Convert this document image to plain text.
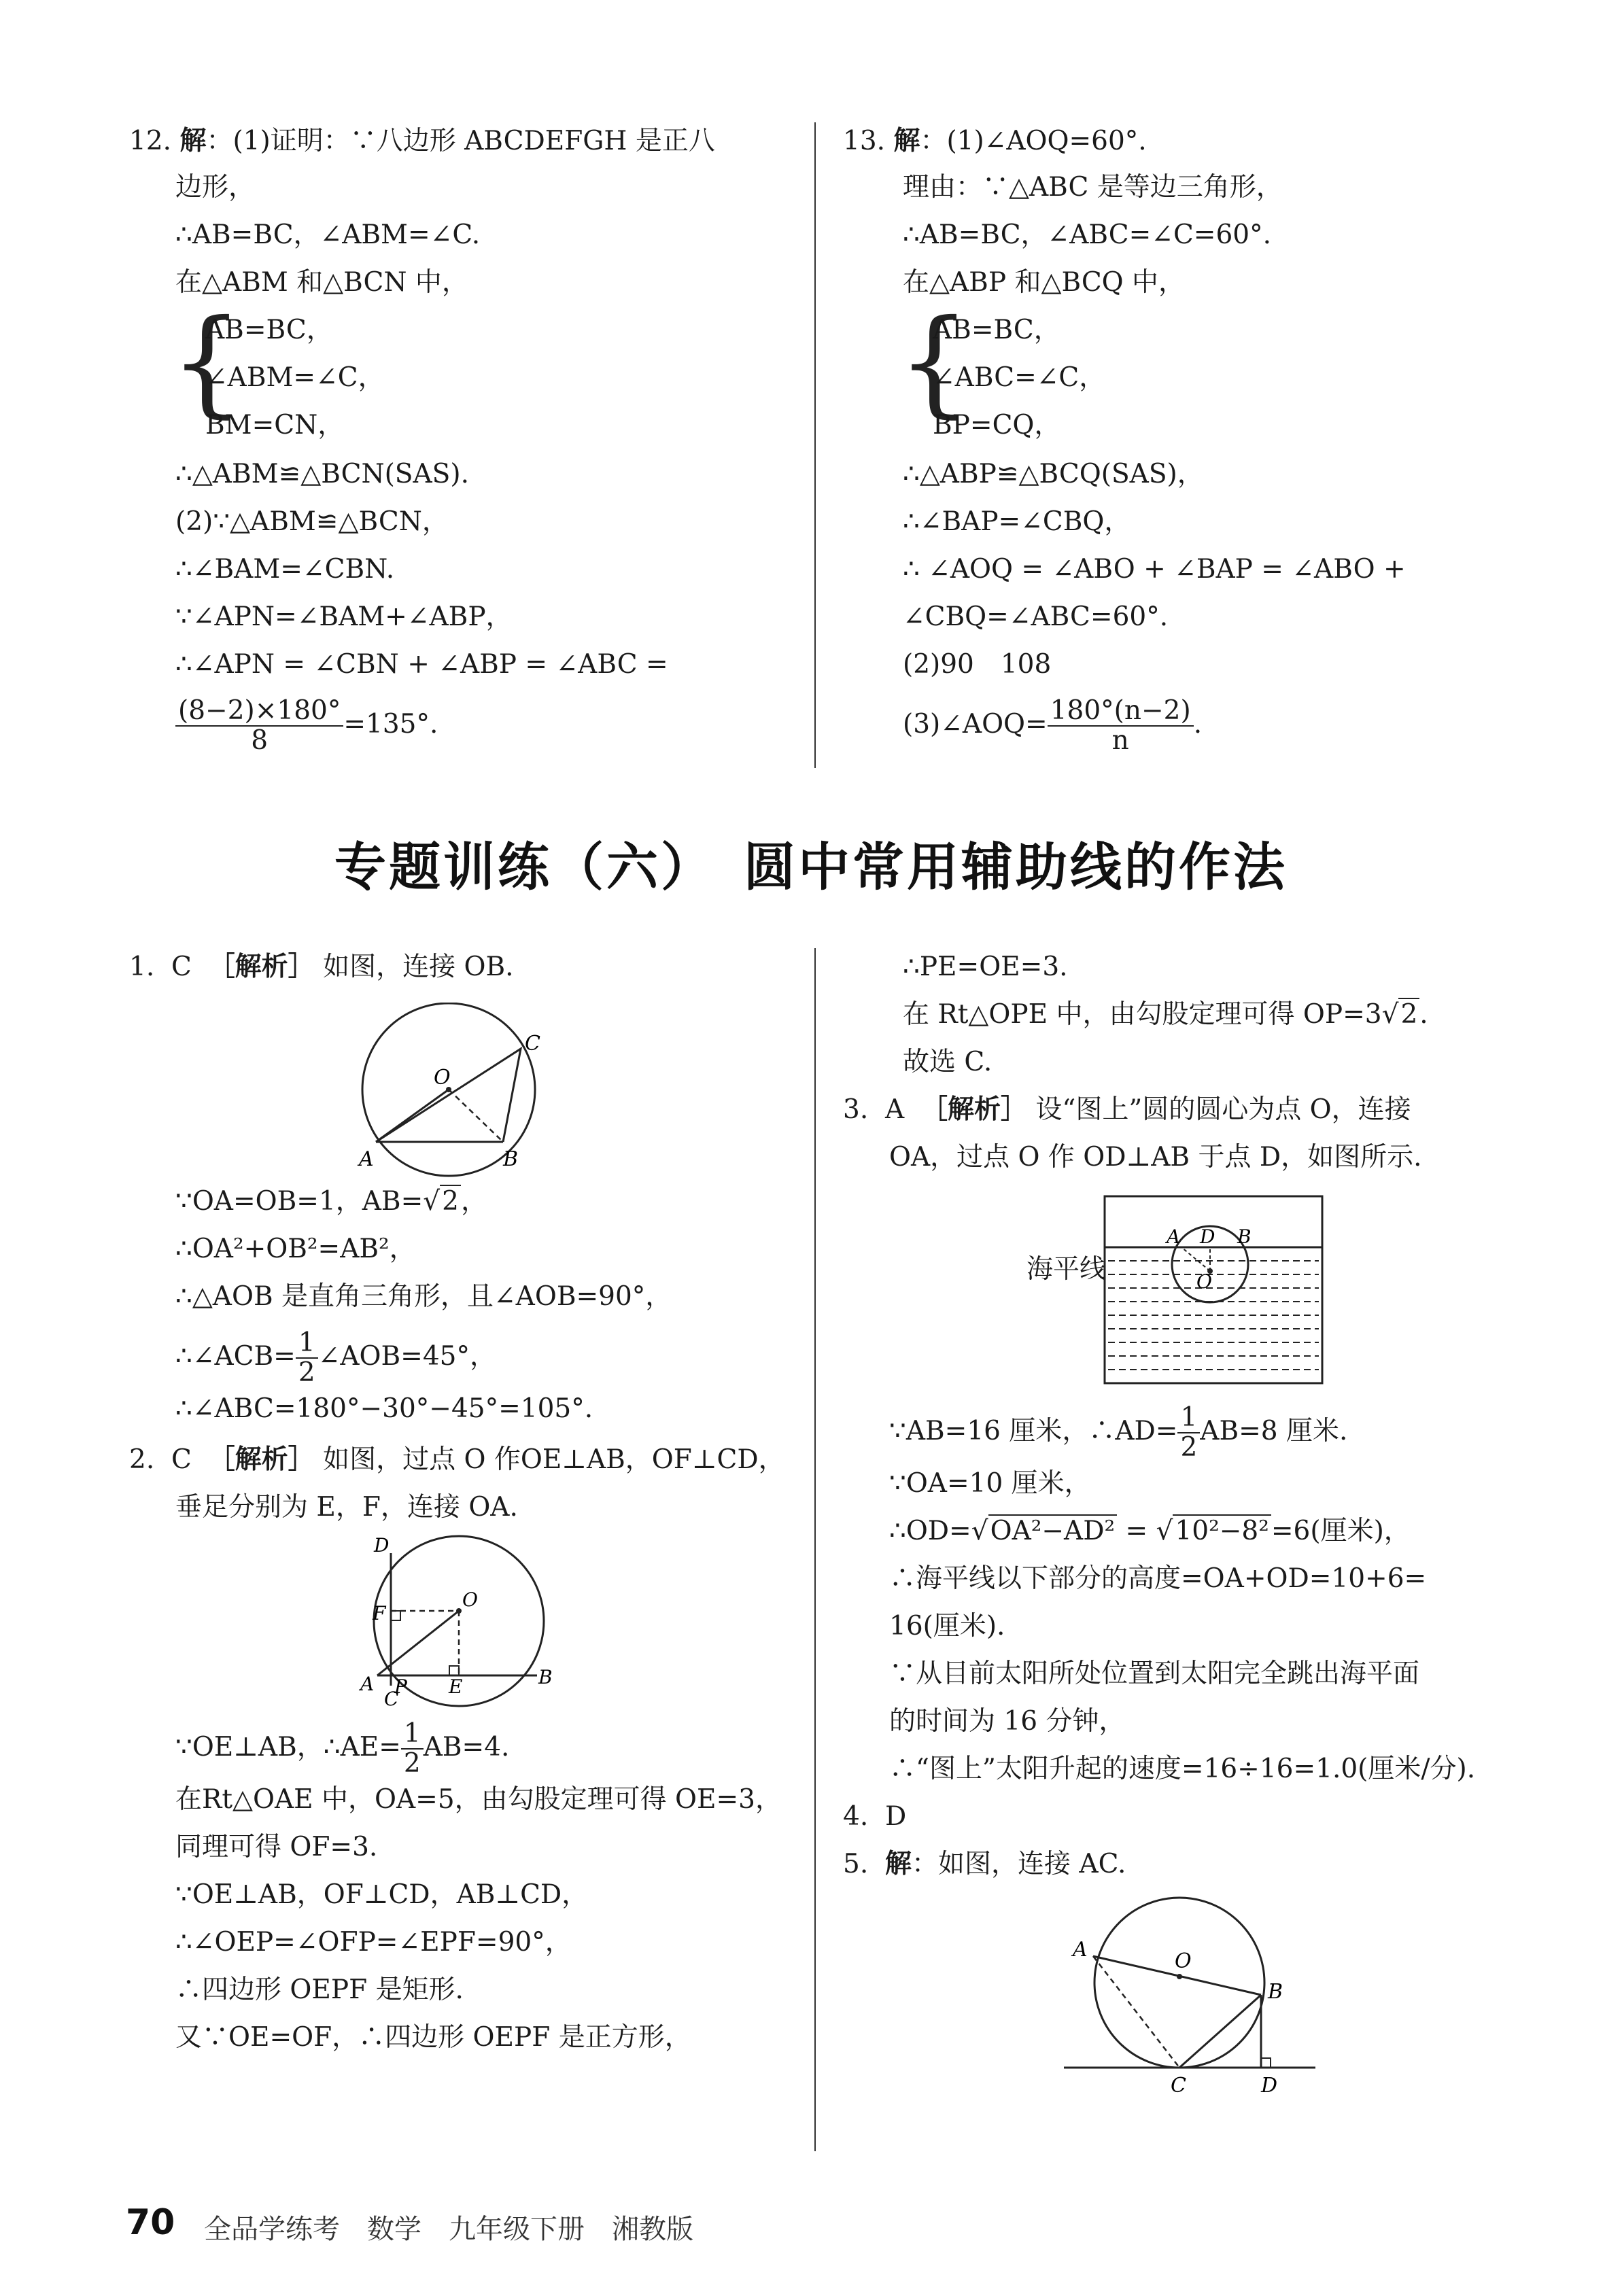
12. 解：(1)证明：∵八边形 ABCDEFGH 是正八
边形，
∴AB=BC，∠ABM=∠C.
在△ABM 和△BCN 中，
{
AB=BC，
∠ABM=∠C，
BM=CN，
∴△ABM≌△BCN(SAS).
(2)∵△ABM≌△BCN，
∴∠BAM=∠CBN.
∵∠APN=∠BAM+∠ABP，
∴∠APN = ∠CBN + ∠ABP = ∠ABC =
$\frac{(8-2)\times 180^\circ}{8} =135^\circ$.
13. 解：(1)∠AOQ=60°.
理由：∵△ABC 是等边三角形，
∴AB=BC，∠ABC=∠C=60°.
在△ABP 和△BCQ 中，
{
AB=BC，
∠ABC=∠C，
BP=CQ，
∴△ABP≌△BCQ(SAS)，
∴∠BAP=∠CBQ，
∴ ∠AOQ = ∠ABO + ∠BAP = ∠ABO +
∠CBQ=∠ABC=60°.
(2)90　108
(3)∠AOQ= $\frac{180^\circ(n-2)}{n}$ .
专题训练（六）　圆中常用辅助线的作法
1. C ［解析］ 如图，连接 OB.
O
A	B
C
∵OA=OB=1，AB=√2，
∴OA²+OB²=AB²，
∴△AOB 是直角三角形，且∠AOB=90°，
∴∠ACB= $\frac{1}{2}$ ∠AOB=45°，
∴∠ABC=180°−30°−45°=105°.
2. C ［解析］ 如图，过点 O 作OE⊥AB，OF⊥CD，
垂足分别为 E，F，连接 OA.
D
F
O
A P E	B
C
∵OE⊥AB，∴AE= $\frac{1}{2} AB=4$.
在Rt△OAE 中，OA=5，由勾股定理可得 OE=3，
同理可得 OF=3.
∵OE⊥AB，OF⊥CD，AB⊥CD，
∴∠OEP=∠OFP=∠EPF=90°，
∴四边形 OEPF 是矩形.
又∵OE=OF，∴四边形 OEPF 是正方形，
∴PE=OE=3.
在 Rt△OPE 中，由勾股定理可得 OP=3√2.
故选 C.
3. A ［解析］ 设“图上”圆的圆心为点 O，连接
OA，过点 O 作 OD⊥AB 于点 D，如图所示.
海平线
A D B
O
∵AB=16 厘米，∴AD= $\frac{1}{2} AB=8$ 厘米.
∵OA=10 厘米，
∴OD=√OA²−AD² = √10²−8²=6(厘米)，
∴海平线以下部分的高度=OA+OD=10+6=
16(厘米).
∵从目前太阳所处位置到太阳完全跳出海平面
的时间为 16 分钟，
∴“图上”太阳升起的速度=16÷16=1.0(厘米/分).
4. D
5. 解：如图，连接 AC.
A	O
B
C	D
70 全品学练考　数学　九年级下册　湘教版
